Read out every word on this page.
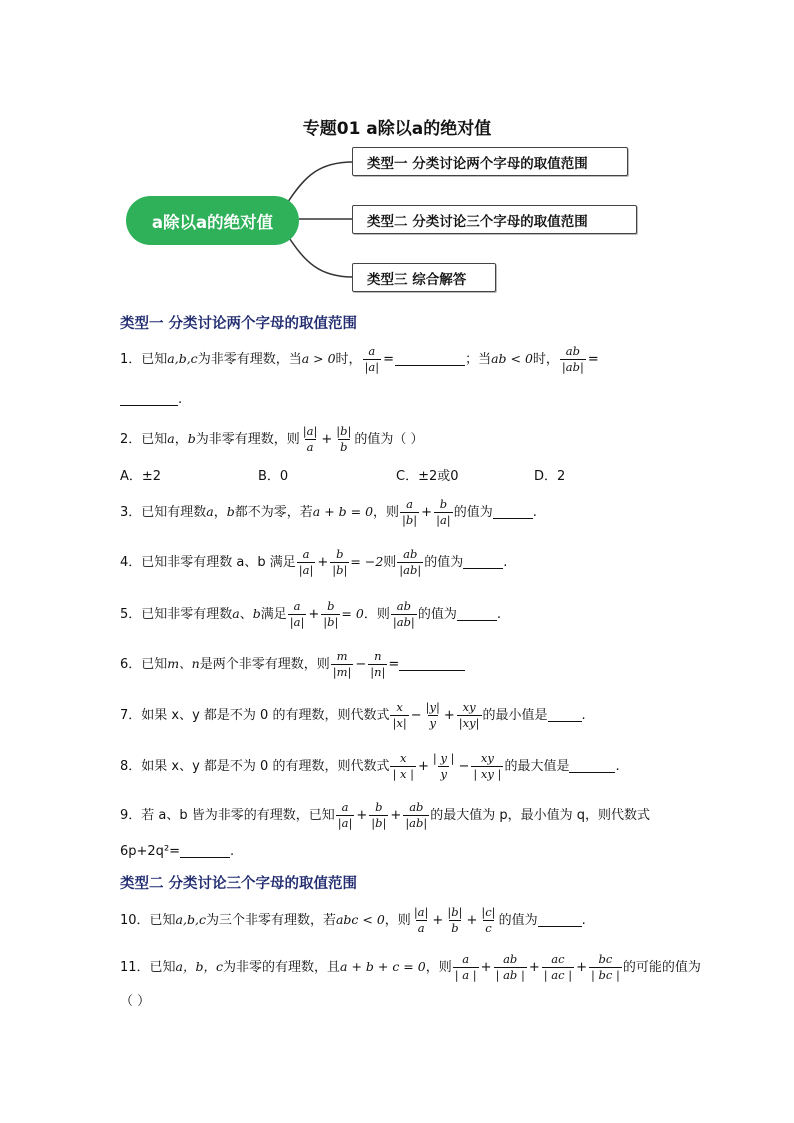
专题01 a除以a的绝对值
a除以a的绝对值
类型一 分类讨论两个字母的取值范围
类型二 分类讨论三个字母的取值范围
类型三 综合解答
类型一 分类讨论两个字母的取值范围
1．已知 a,b,c 为非零有理数，当 a > 0 时， $\frac{a}{|a|}$ =	；当 ab < 0 时， $\frac{ab}{|ab|}$ =
.
2．已知 a ， b 为非零有理数，则 $\frac{|a|}{a} + \frac{|b|}{b}$ 的值为（ ）
A．±2	B．0	C．±2或0	D．2
3．已知有理数 a ， b 都不为零，若 a + b = 0 ，则 $\frac{a}{|b|} + \frac{b}{|a|}$ 的值为	.
4．已知非零有理数 a、b 满足 $\frac{a}{|a|} + \frac{b}{|b|} = -2$ 则 $\frac{ab}{|ab|}$ 的值为	.
5．已知非零有理数 a 、 b 满足 $\frac{a}{|a|} + \frac{b}{|b|} = 0$ ．则 $\frac{ab}{|ab|}$ 的值为	.
6．已知 m、n 是两个非零有理数，则 $\frac{m}{|m|} - \frac{n}{|n|}$ =
7．如果 x、y 都是不为 0 的有理数，则代数式 $\frac{x}{|x|} - \frac{|y|}{y} + \frac{xy}{|xy|}$ 的最小值是	.
8．如果 x、y 都是不为 0 的有理数，则代数式 $\frac{x}{| x |} + \frac{| y |}{y} - \frac{xy}{| xy |}$ 的最大值是	.
9．若 a、b 皆为非零的有理数，已知 $\frac{a}{|a|} + \frac{b}{|b|} + \frac{ab}{|ab|}$ 的最大值为 p，最小值为 q，则代数式
6p+2q²=	.
类型二 分类讨论三个字母的取值范围
10．已知 a,b,c 为三个非零有理数，若 abc < 0 ，则 $\frac{|a|}{a} + \frac{|b|}{b} + \frac{|c|}{c}$ 的值为	.
11．已知 a，b，c 为非零的有理数，且 a + b + c = 0 ，则 $\frac{a}{| a |} + \frac{ab}{| ab |} + \frac{ac}{| ac |} + \frac{bc}{| bc |}$ 的可能的值为
（ ）
